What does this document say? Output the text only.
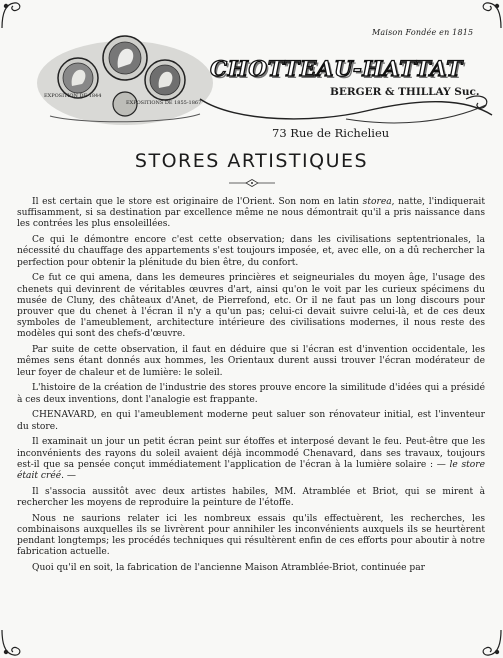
EXPOSITION DE 1844
EXPOSITIONS DE 1855-1867
Maison Fondée en 1815
CHOTTEAU-HATTAT
BERGER & THILLAY Suc.
73 Rue de Richelieu
STORES ARTISTIQUES

Il est certain que le store est originaire de l'Orient. Son nom en latin storea, natte, l'indiquerait suffisamment, si sa destination par excellence même ne nous démontrait qu'il a pris naissance dans les contrées les plus ensoleillées.

Ce qui le démontre encore c'est cette observation; dans les civilisations septentrionales, la nécessité du chauffage des appartements s'est toujours imposée, et, avec elle, on a dû rechercher la perfection pour obtenir la plénitude du bien être, du confort.

Ce fut ce qui amena, dans les demeures princières et seigneuriales du moyen âge, l'usage des chenets qui devinrent de véritables œuvres d'art, ainsi qu'on le voit par les curieux spécimens du musée de Cluny, des châteaux d'Anet, de Pierrefond, etc. Or il ne faut pas un long discours pour prouver que du chenet à l'écran il n'y a qu'un pas; celui-ci devait suivre celui-là, et de ces deux symboles de l'ameublement, architecture intérieure des civilisations modernes, il nous reste des modèles qui sont des chefs-d'œuvre.

Par suite de cette observation, il faut en déduire que si l'écran est d'invention occidentale, les mêmes sens étant donnés aux hommes, les Orientaux durent aussi trouver l'écran modérateur de leur foyer de chaleur et de lumière: le soleil.

L'histoire de la création de l'industrie des stores prouve encore la similitude d'idées qui a présidé à ces deux inventions, dont l'analogie est frappante.

CHENAVARD, en qui l'ameublement moderne peut saluer son rénovateur initial, est l'inventeur du store.

Il examinait un jour un petit écran peint sur étoffes et interposé devant le feu. Peut-être que les inconvénients des rayons du soleil avaient déjà incommodé Chenavard, dans ses travaux, toujours est-il que sa pensée conçut immédiatement l'application de l'écran à la lumière solaire : — le store était créé. —

Il s'associa aussitôt avec deux artistes habiles, MM. Atramblée et Briot, qui se mirent à rechercher les moyens de reproduire la peinture de l'étoffe.

Nous ne saurions relater ici les nombreux essais qu'ils effectuèrent, les recherches, les combinaisons auxquelles ils se livrèrent pour annihiler les inconvénients auxquels ils se heurtèrent pendant longtemps; les procédés techniques qui résultèrent enfin de ces efforts pour aboutir à notre fabrication actuelle.

Quoi qu'il en soit, la fabrication de l'ancienne Maison Atramblée-Briot, continuée par
